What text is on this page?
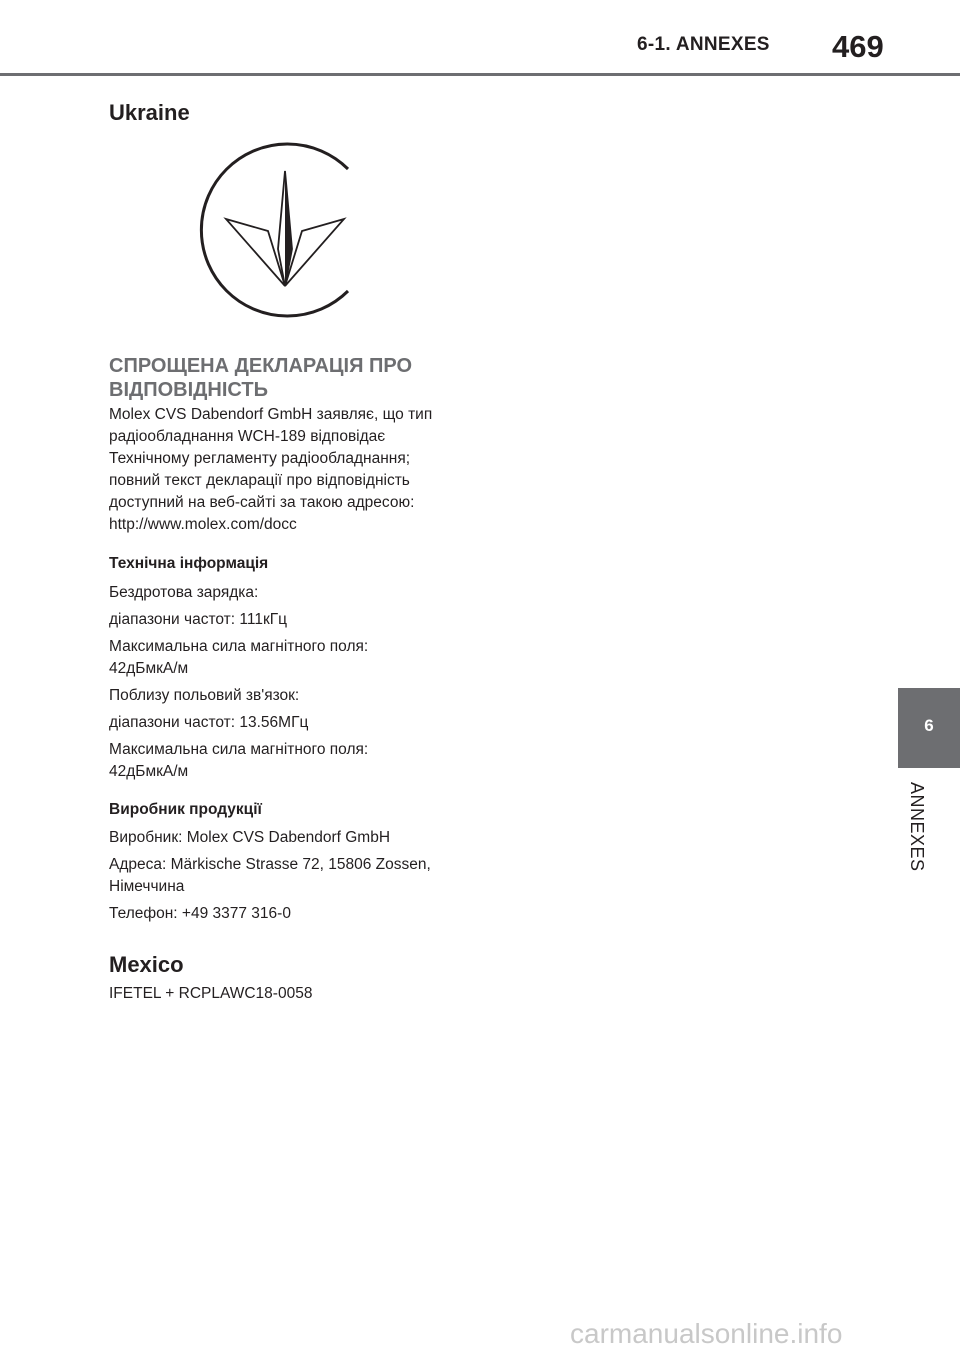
6-1. ANNEXES 469
Ukraine
СПРОЩЕНА ДЕКЛАРАЦІЯ ПРО
ВІДПОВІДНІСТЬ
Molex CVS Dabendorf GmbH заявляє, що тип
радіообладнання WCH-189 відповідає
Технічному регламенту радіообладнання;
повний текст декларації про відповідність
доступний на веб-сайті за такою адресою:
http://www.molex.com/docc
Технічна інформація
Бездротова зарядка:
діапазони частот: 111кГц
Максимальна сила магнітного поля:
42дБмкА/м
Поблизу польовий зв'язок:
діапазони частот: 13.56МГц
Максимальна сила магнітного поля:
42дБмкА/м
Виробник продукції
Виробник: Molex CVS Dabendorf GmbH
Адреса: Märkische Strasse 72, 15806 Zossen,
Німеччина
Телефон: +49 3377 316-0
Mexico
IFETEL + RCPLAWC18-0058
6
ANNEXES
carmanualsonline.info
